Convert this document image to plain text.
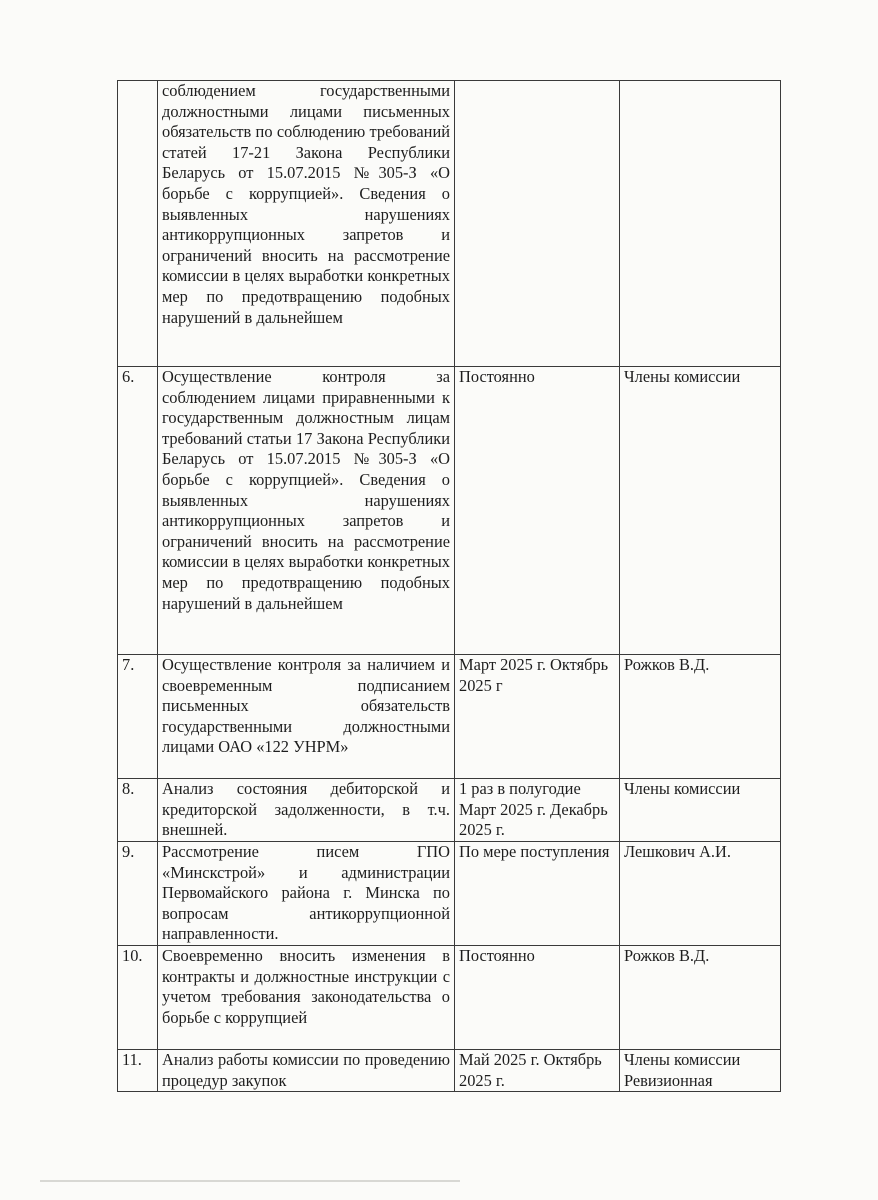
	соблюдением государственными должностными лицами письменных обязательств по соблюдению требований статей 17-21 Закона Республики Беларусь от 15.07.2015 №305-З «О борьбе с коррупцией». Сведения о выявленных нарушениях антикоррупционных запретов и ограничений вносить на рассмотрение комиссии в целях выработки конкретных мер по предотвращению подобных нарушений в дальнейшем		
6.	Осуществление контроля за соблюдением лицами приравненными к государственным должностным лицам требований статьи 17 Закона Республики Беларусь от 15.07.2015 №305-З «О борьбе с коррупцией». Сведения о выявленных нарушениях антикоррупционных запретов и ограничений вносить на рассмотрение комиссии в целях выработки конкретных мер по предотвращению подобных нарушений в дальнейшем	Постоянно	Члены комиссии
7.	Осуществление контроля за наличием и своевременным подписанием письменных обязательств государственными должностными лицами ОАО «122 УНРМ»	Март 2025 г. Октябрь 2025 г	Рожков В.Д.
8.	Анализ состояния дебиторской и кредиторской задолженности, в т.ч. внешней.	1 раз в полугодие Март 2025 г. Декабрь 2025 г.	Члены комиссии
9.	Рассмотрение писем ГПО «Минскстрой» и администрации Первомайского района г. Минска по вопросам антикоррупционной направленности.	По мере поступления	Лешкович А.И.
10.	Своевременно вносить изменения в контракты и должностные инструкции с учетом требования законодательства о борьбе с коррупцией	Постоянно	Рожков В.Д.
11.	Анализ работы комиссии по проведению процедур закупок	Май 2025 г. Октябрь 2025 г.	Члены комиссии Ревизионная
